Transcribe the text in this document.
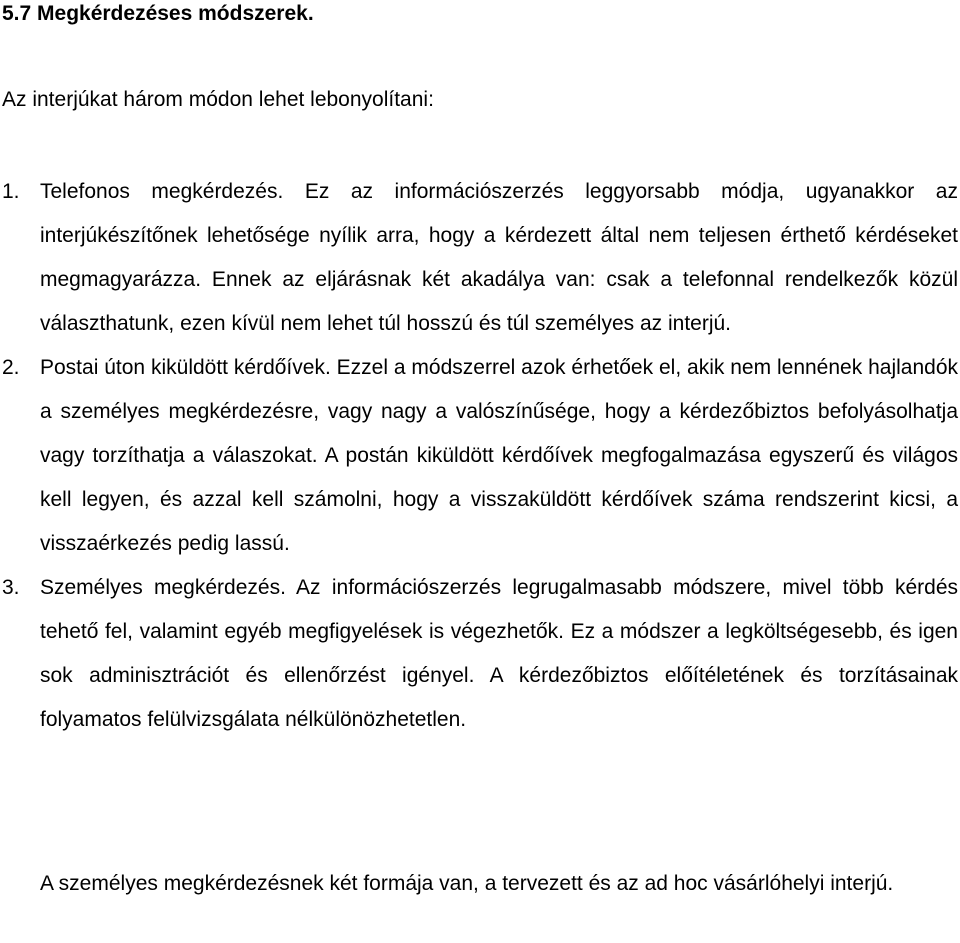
5.7 Megkérdezéses módszerek.
Az interjúkat három módon lehet lebonyolítani:

1. Telefonos megkérdezés. Ez az információszerzés leggyorsabb módja, ugyanakkor az interjúkészítőnek lehetősége nyílik arra, hogy a kérdezett által nem teljesen érthető kérdéseket megmagyarázza. Ennek az eljárásnak két akadálya van: csak a telefonnal rendelkezők közül választhatunk, ezen kívül nem lehet túl hosszú és túl személyes az interjú.

2. Postai úton kiküldött kérdőívek. Ezzel a módszerrel azok érhetőek el, akik nem lennének hajlandók a személyes megkérdezésre, vagy nagy a valószínűsége, hogy a kérdezőbiztos befolyásolhatja vagy torzíthatja a válaszokat. A postán kiküldött kérdőívek megfogalmazása egyszerű és világos kell legyen, és azzal kell számolni, hogy a visszaküldött kérdőívek száma rendszerint kicsi, a visszaérkezés pedig lassú.

3. Személyes megkérdezés. Az információszerzés legrugalmasabb módszere, mivel több kérdés tehető fel, valamint egyéb megfigyelések is végezhetők. Ez a módszer a legköltségesebb, és igen sok adminisztrációt és ellenőrzést igényel. A kérdezőbiztos előítéletének és torzításainak folyamatos felülvizsgálata nélkülönözhetetlen.

A személyes megkérdezésnek két formája van, a tervezett és az ad hoc vásárlóhelyi interjú.
